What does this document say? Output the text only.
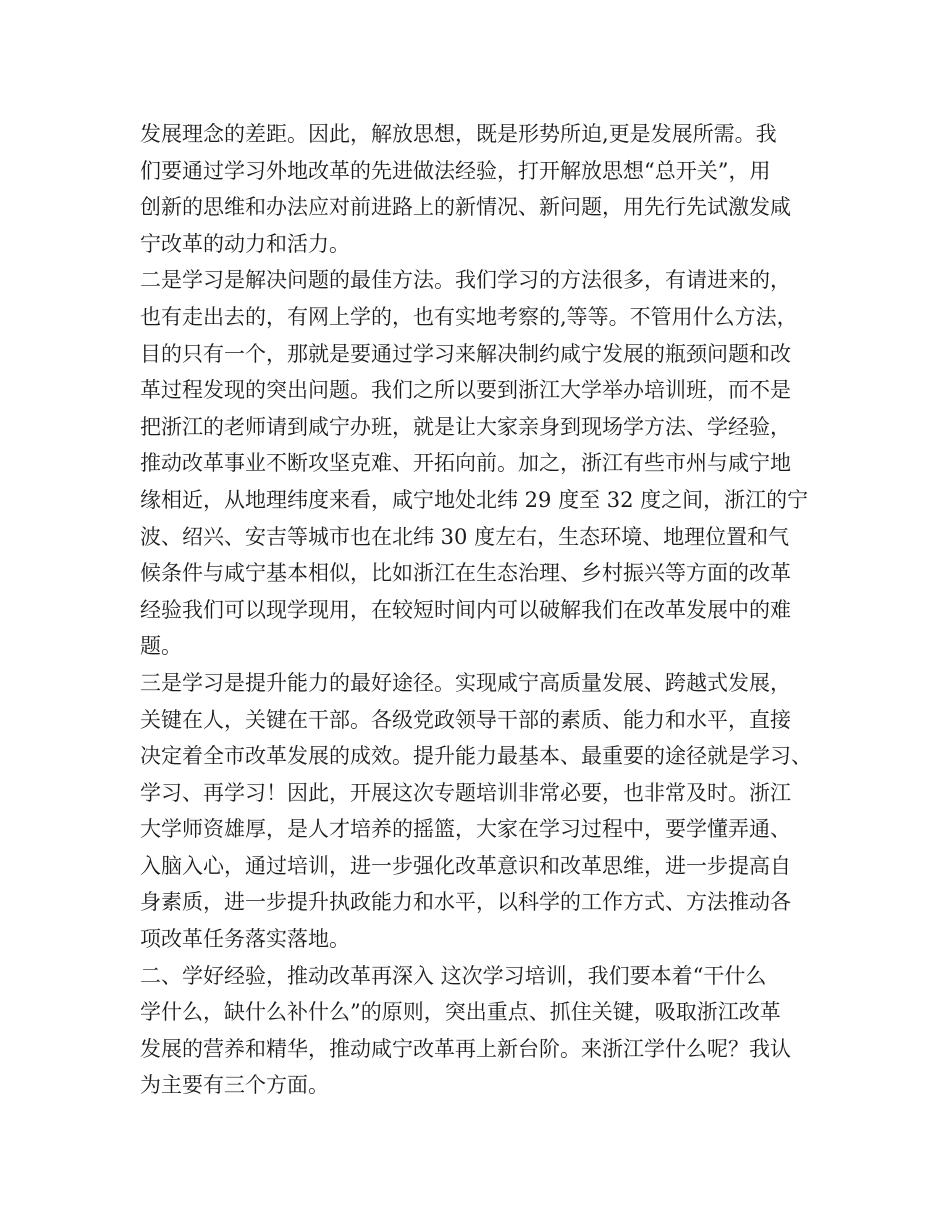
发展理念的差距。因此，解放思想，既是形势所迫,更是发展所需。我
们要通过学习外地改革的先进做法经验，打开解放思想“总开关”，用
创新的思维和办法应对前进路上的新情况、新问题，用先行先试激发咸
宁改革的动力和活力。
二是学习是解决问题的最佳方法。我们学习的方法很多，有请进来的，
也有走出去的，有网上学的，也有实地考察的,等等。不管用什么方法，
目的只有一个，那就是要通过学习来解决制约咸宁发展的瓶颈问题和改
革过程发现的突出问题。我们之所以要到浙江大学举办培训班，而不是
把浙江的老师请到咸宁办班，就是让大家亲身到现场学方法、学经验，
推动改革事业不断攻坚克难、开拓向前。加之，浙江有些市州与咸宁地
缘相近，从地理纬度来看，咸宁地处北纬 29 度至 32 度之间，浙江的宁
波、绍兴、安吉等城市也在北纬 30 度左右，生态环境、地理位置和气
候条件与咸宁基本相似，比如浙江在生态治理、乡村振兴等方面的改革
经验我们可以现学现用，在较短时间内可以破解我们在改革发展中的难
题。
三是学习是提升能力的最好途径。实现咸宁高质量发展、跨越式发展，
关键在人，关键在干部。各级党政领导干部的素质、能力和水平，直接
决定着全市改革发展的成效。提升能力最基本、最重要的途径就是学习、
学习、再学习！因此，开展这次专题培训非常必要，也非常及时。浙江
大学师资雄厚，是人才培养的摇篮，大家在学习过程中，要学懂弄通、
入脑入心，通过培训，进一步强化改革意识和改革思维，进一步提高自
身素质，进一步提升执政能力和水平，以科学的工作方式、方法推动各
项改革任务落实落地。
二、学好经验，推动改革再深入 这次学习培训，我们要本着“干什么
学什么，缺什么补什么”的原则，突出重点、抓住关键，吸取浙江改革
发展的营养和精华，推动咸宁改革再上新台阶。来浙江学什么呢？我认
为主要有三个方面。
